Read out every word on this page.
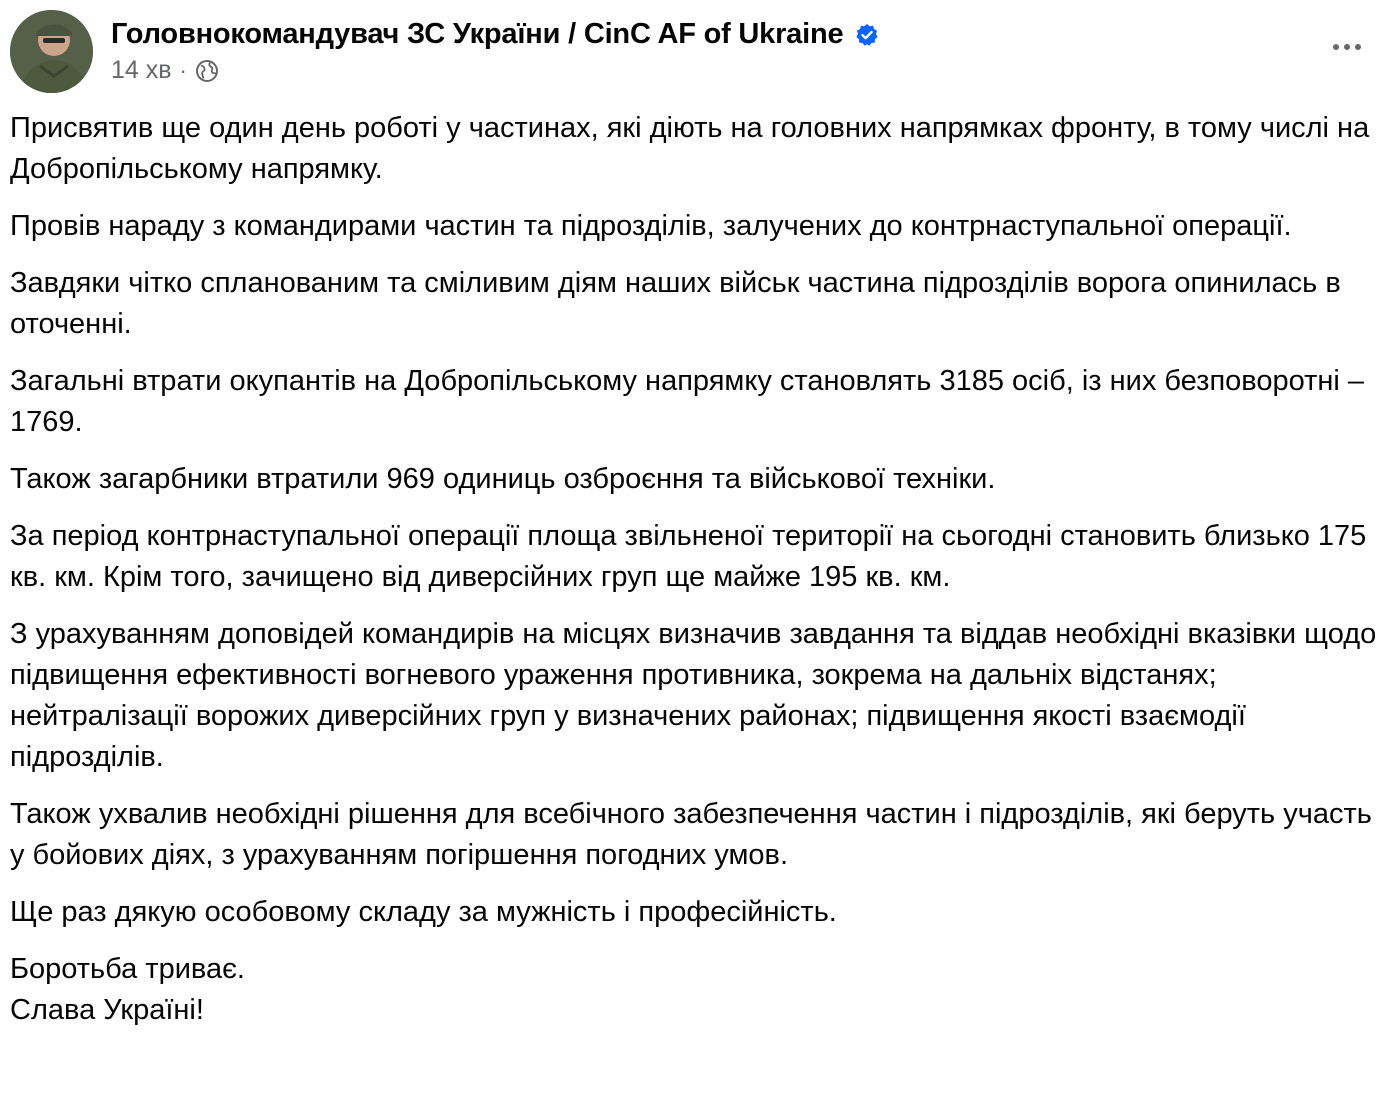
Головнокомандувач ЗС України / CinC AF of Ukraine
14 хв ·

Присвятив ще один день роботі у частинах, які діють на головних напрямках фронту, в тому числі на Добропільському напрямку.

Провів нараду з командирами частин та підрозділів, залучених до контрнаступальної операції.

Завдяки чітко спланованим та сміливим діям наших військ частина підрозділів ворога опинилась в оточенні.

Загальні втрати окупантів на Добропільському напрямку становлять 3185 осіб, із них безповоротні – 1769.

Також загарбники втратили 969 одиниць озброєння та військової техніки.

За період контрнаступальної операції площа звільненої території на сьогодні становить близько 175 кв. км. Крім того, зачищено від диверсійних груп ще майже 195 кв. км.

З урахуванням доповідей командирів на місцях визначив завдання та віддав необхідні вказівки щодо підвищення ефективності вогневого ураження противника, зокрема на дальніх відстанях; нейтралізації ворожих диверсійних груп у визначених районах; підвищення якості взаємодії підрозділів.

Також ухвалив необхідні рішення для всебічного забезпечення частин і підрозділів, які беруть участь у бойових діях, з урахуванням погіршення погодних умов.

Ще раз дякую особовому складу за мужність і професійність.

Боротьба триває.
Слава Україні!
